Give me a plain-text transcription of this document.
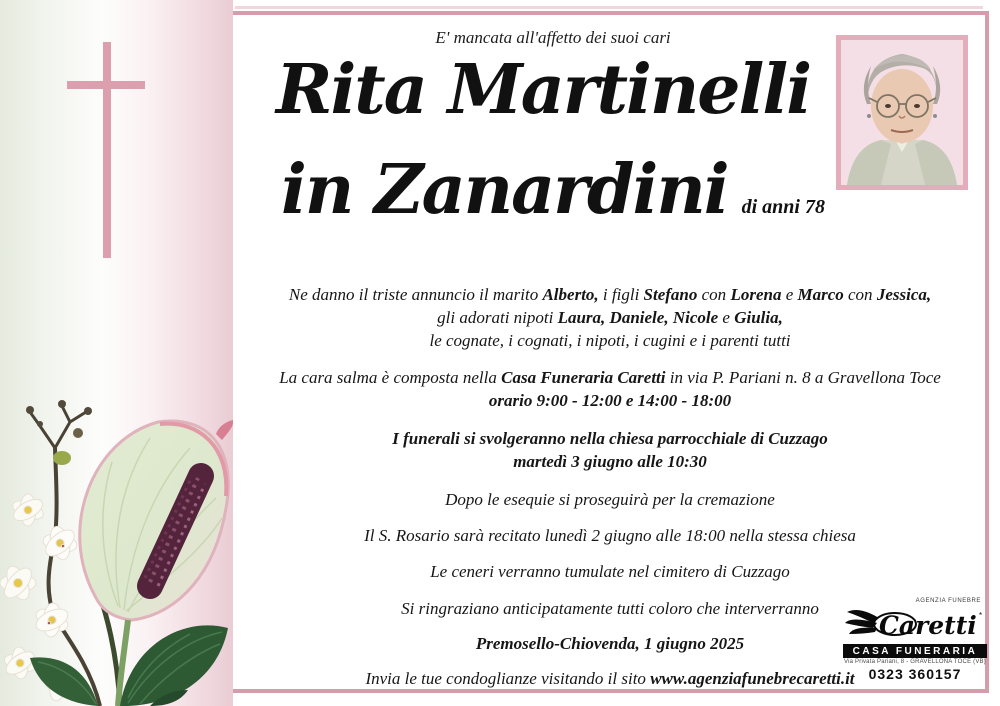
E' mancata all'affetto dei suoi cari
Rita Martinelli
in Zanardini di anni 78
Ne danno il triste annuncio il marito Alberto, i figli Stefano con Lorena e Marco con Jessica,
gli adorati nipoti Laura, Daniele, Nicole e Giulia,
le cognate, i cognati, i nipoti, i cugini e i parenti tutti
La cara salma è composta nella Casa Funeraria Caretti in via P. Pariani n. 8 a Gravellona Toce
orario 9:00 - 12:00 e 14:00 - 18:00
I funerali si svolgeranno nella chiesa parrocchiale di Cuzzago
martedì 3 giugno alle 10:30
Dopo le esequie si proseguirà per la cremazione
Il S. Rosario sarà recitato lunedì 2 giugno alle 18:00 nella stessa chiesa
Le ceneri verranno tumulate nel cimitero di Cuzzago
Si ringraziano anticipatamente tutti coloro che interverranno
Premosello-Chiovenda, 1 giugno 2025
Invia le tue condoglianze visitando il sito www.agenziafunebrecaretti.it
AGENZIA FUNEBRE
Caretti *
CASA FUNERARIA
Via Privata Pariani, 8 - GRAVELLONA TOCE (VB)
0323 360157
